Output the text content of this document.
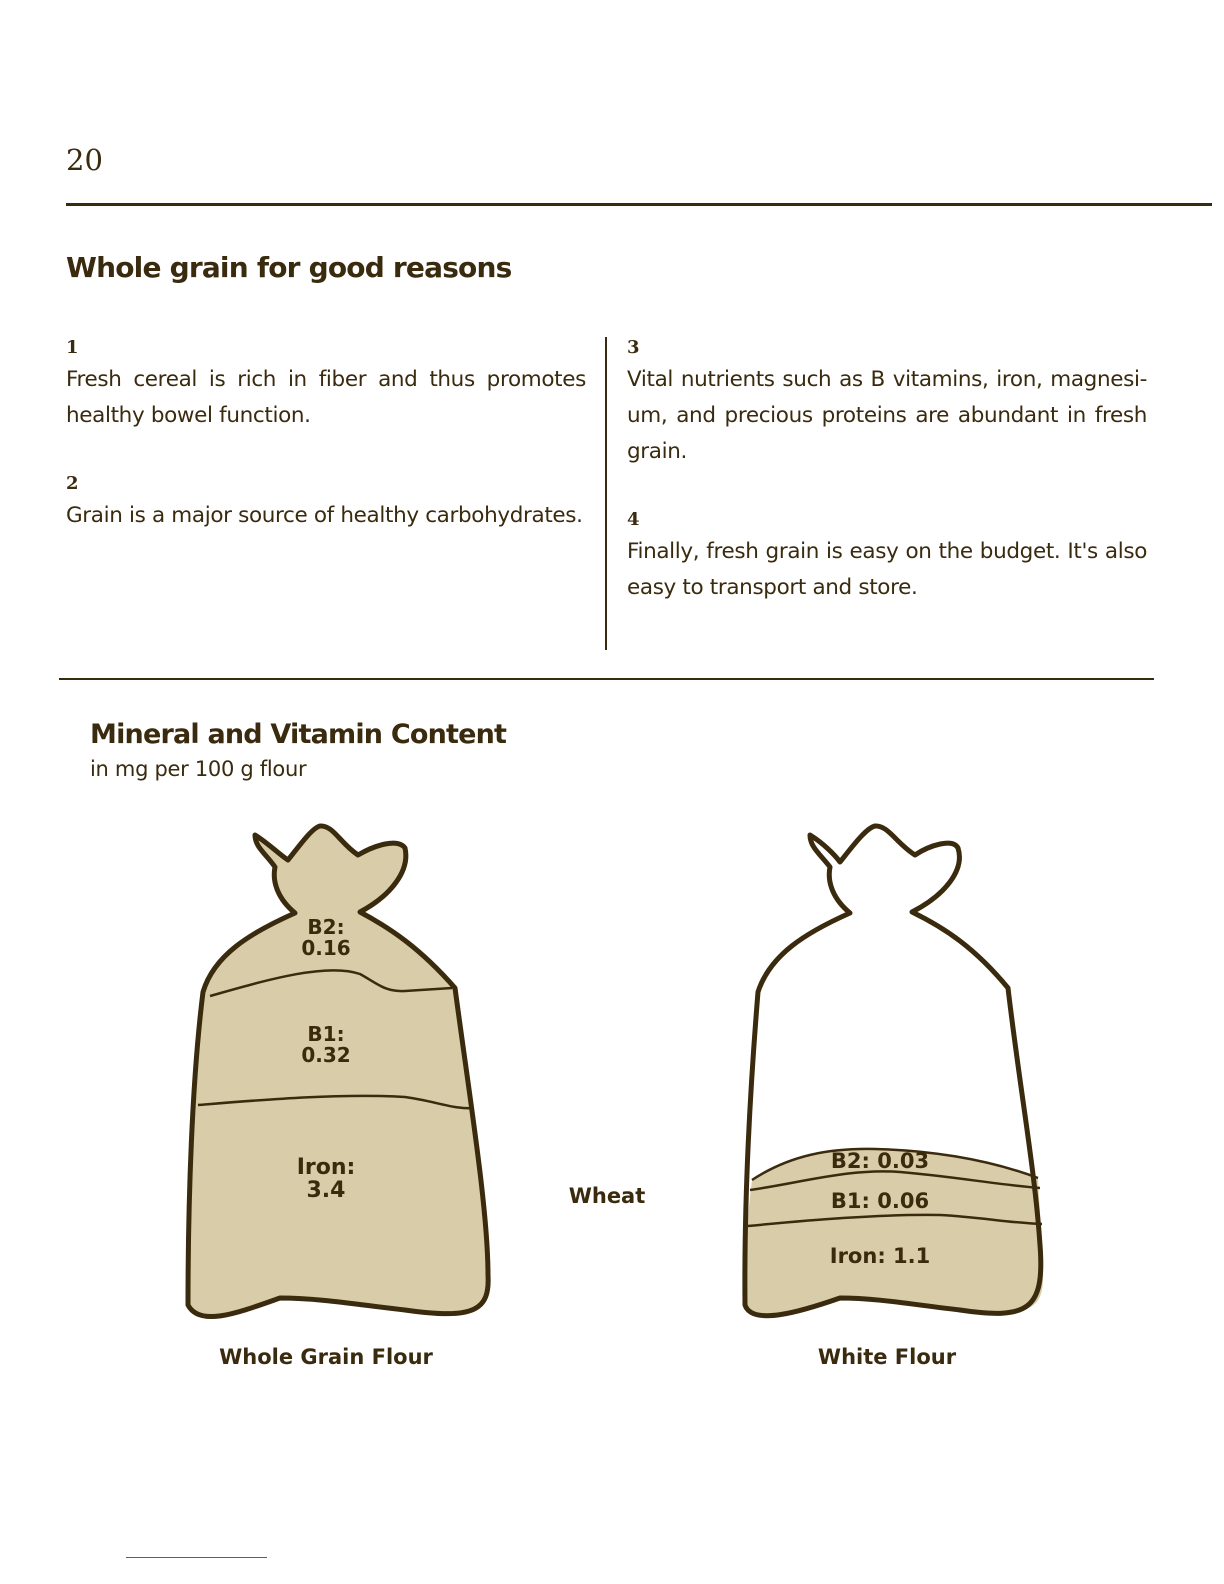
20
Whole grain for good reasons

1
Fresh cereal is rich in fiber and thus promotes healthy bowel function.

2
Grain is a major source of healthy carbohydrates.

3
Vital nutrients such as B vitamins, iron, magnesi-um, and precious proteins are abundant in fresh grain.

4
Finally, fresh grain is easy on the budget. It's also easy to transport and store.

Mineral and Vitamin Content
in mg per 100 g flour
B2:
0.16
B1:
0.32
Iron:
3.4
Whole Grain Flour
Wheat
B2: 0.03
B1: 0.06
Iron: 1.1
White Flour
